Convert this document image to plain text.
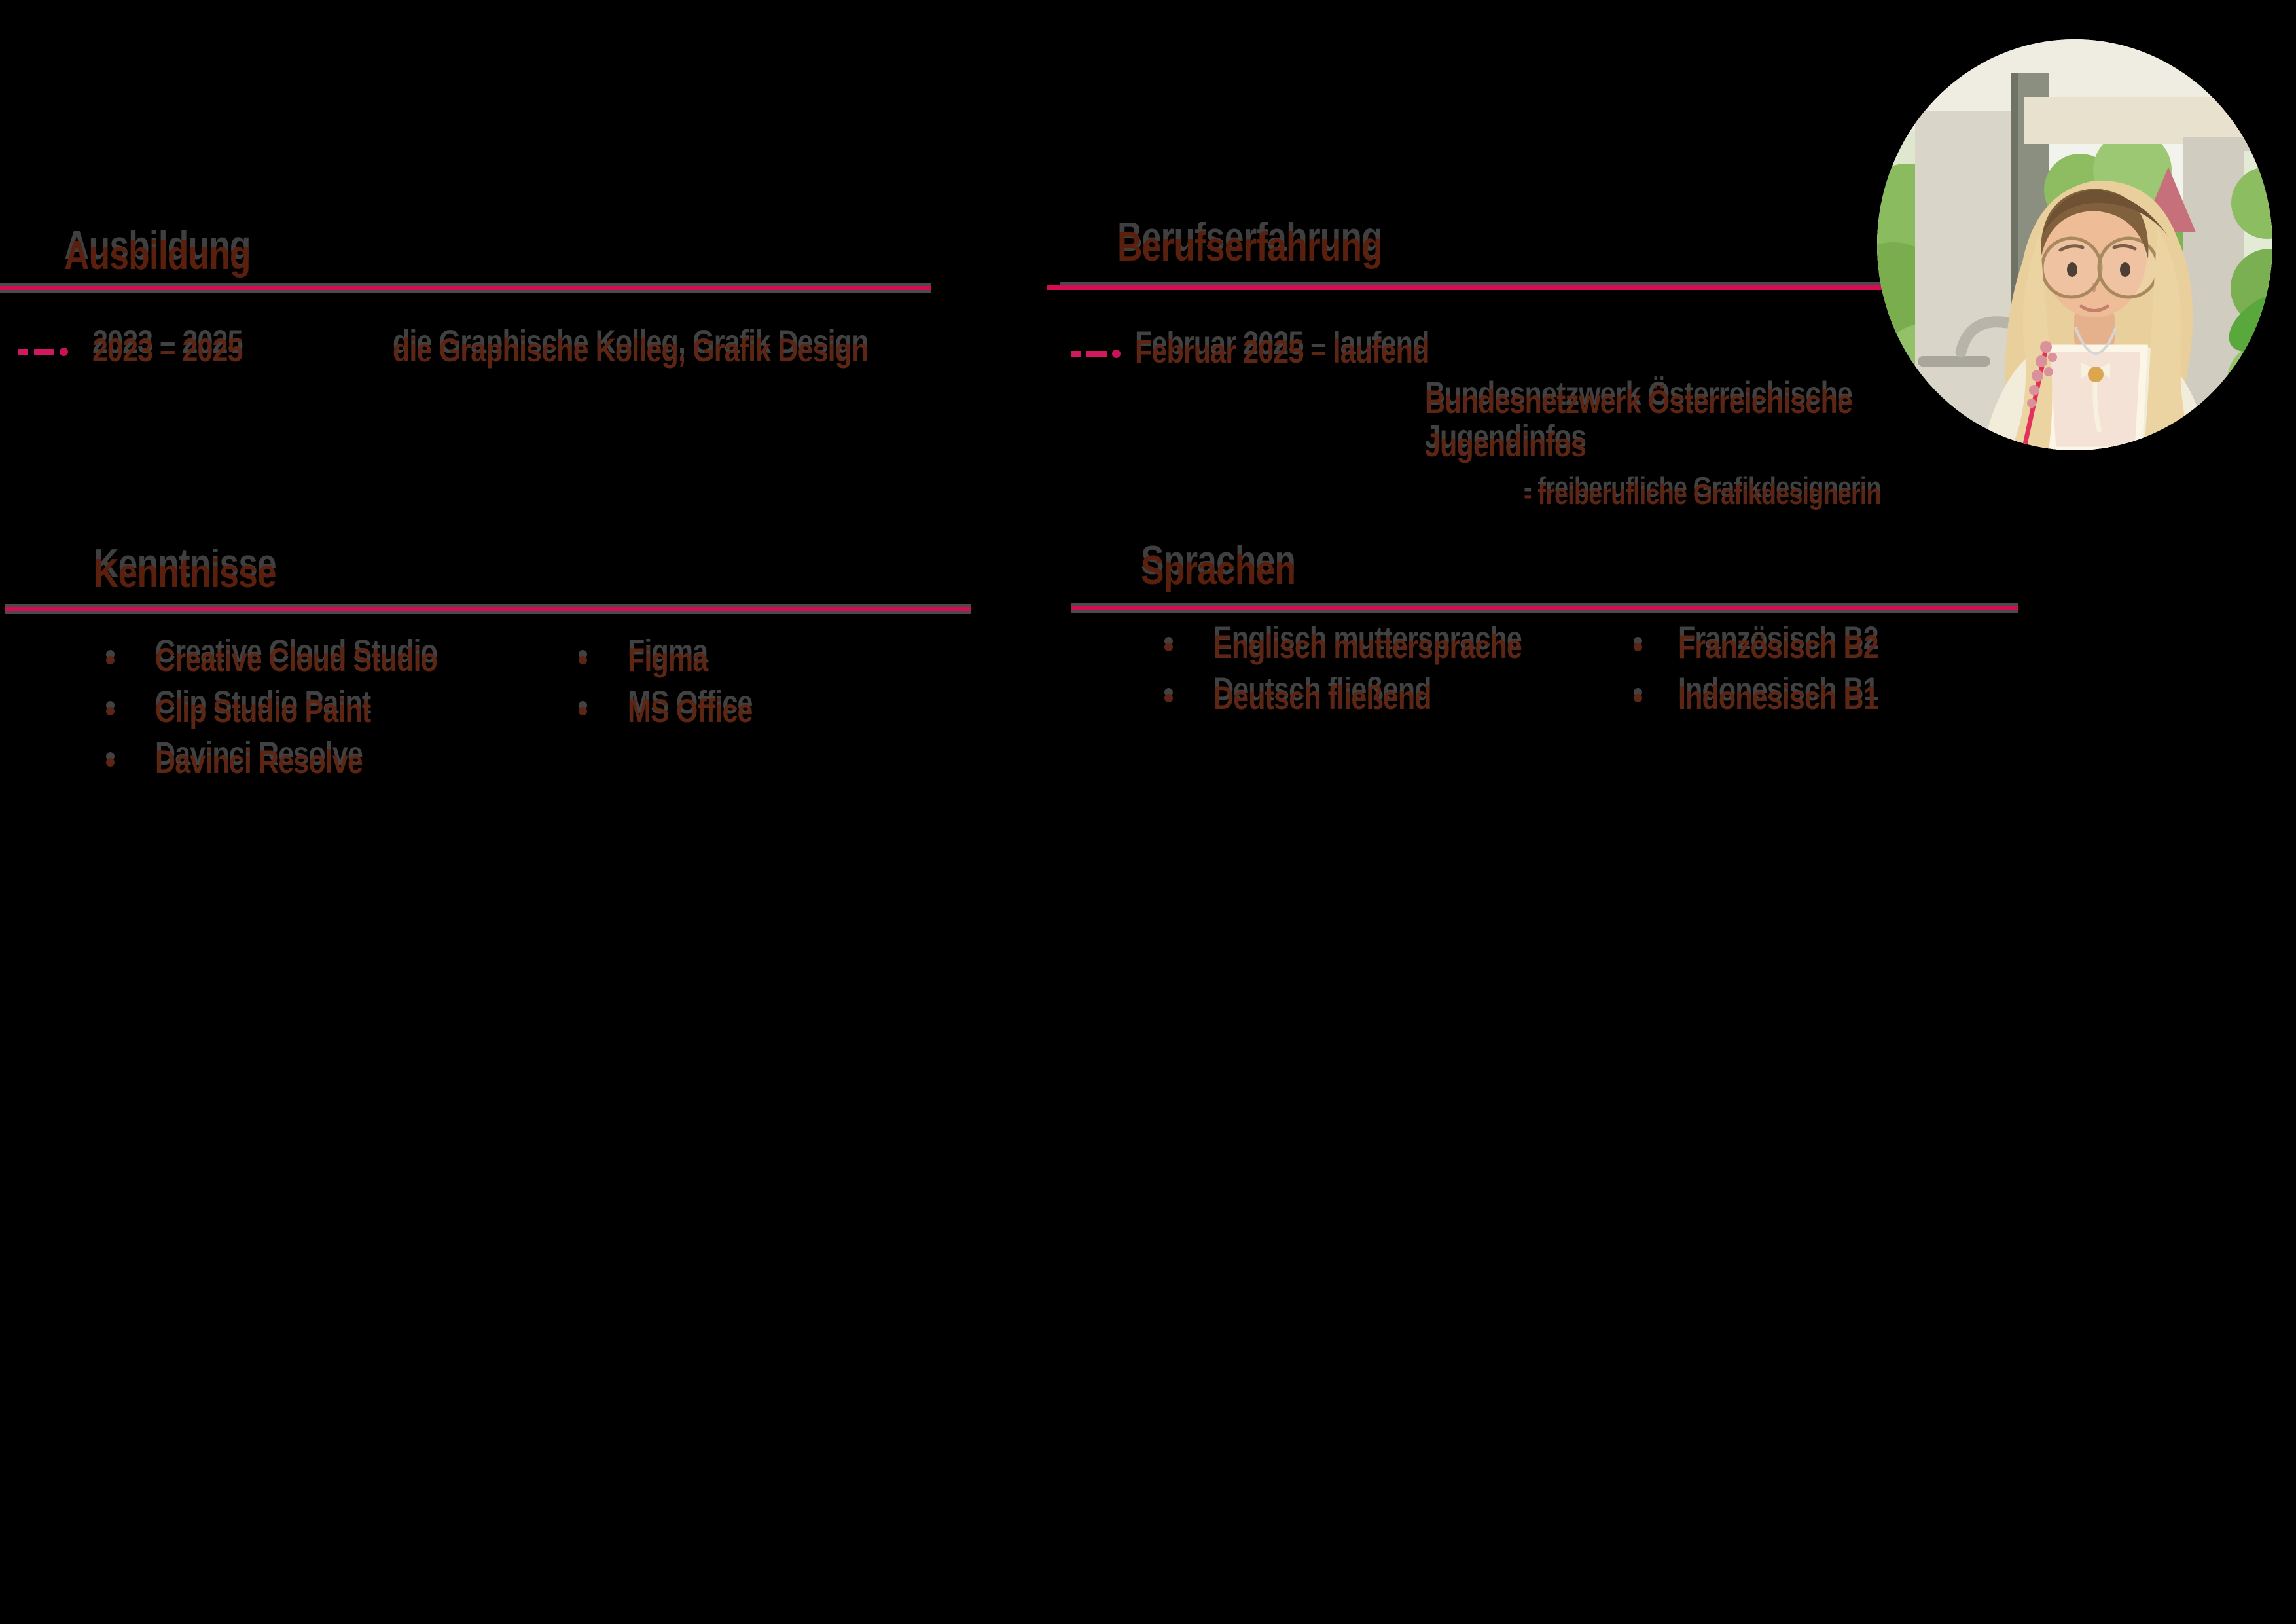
Ausbildung
2023 – 2025	die Graphische Kolleg, Grafik Design
Berufserfahrung
Februar 2025 – laufend
Bundesnetzwerk Österreichische
Jugendinfos
- freiberufliche Grafikdesignerin
Kenntnisse
Creative Cloud Studio
Clip Studio Paint
Davinci Resolve
Figma
MS Office
Sprachen
Englisch muttersprache
Deutsch fließend
Französisch B2
Indonesisch B1
